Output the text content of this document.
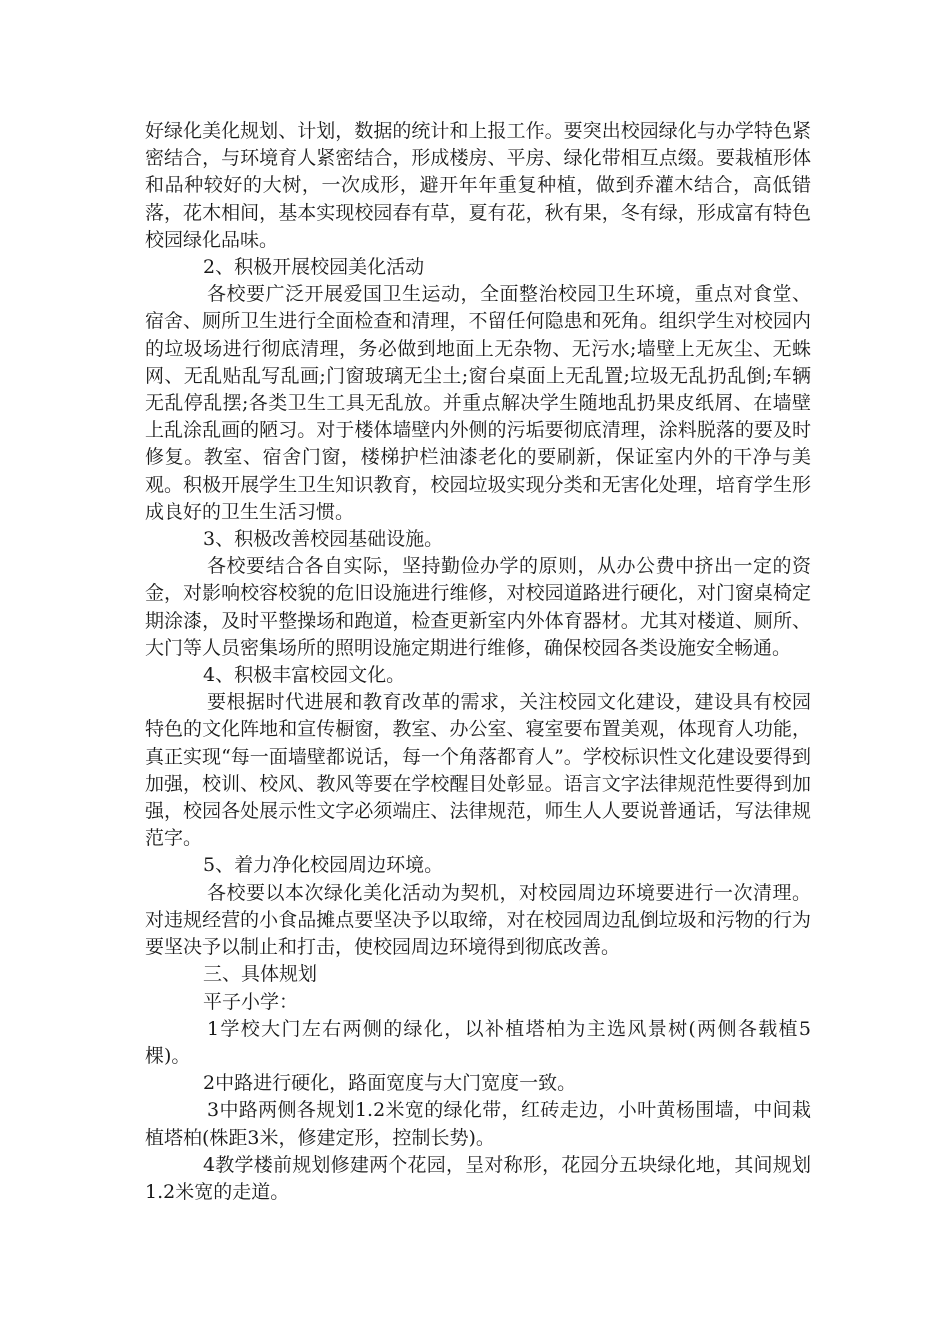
好绿化美化规划、计划，数据的统计和上报工作。要突出校园绿化与办学特色紧密结合，与环境育人紧密结合，形成楼房、平房、绿化带相互点缀。要栽植形体和品种较好的大树，一次成形，避开年年重复种植，做到乔灌木结合，高低错落，花木相间，基本实现校园春有草，夏有花，秋有果，冬有绿，形成富有特色校园绿化品味。

2、积极开展校园美化活动

各校要广泛开展爱国卫生运动，全面整治校园卫生环境，重点对食堂、宿舍、厕所卫生进行全面检查和清理，不留任何隐患和死角。组织学生对校园内的垃圾场进行彻底清理，务必做到地面上无杂物、无污水;墙壁上无灰尘、无蛛网、无乱贴乱写乱画;门窗玻璃无尘土;窗台桌面上无乱置;垃圾无乱扔乱倒;车辆无乱停乱摆;各类卫生工具无乱放。并重点解决学生随地乱扔果皮纸屑、在墙壁上乱涂乱画的陋习。对于楼体墙壁内外侧的污垢要彻底清理，涂料脱落的要及时修复。教室、宿舍门窗，楼梯护栏油漆老化的要刷新，保证室内外的干净与美观。积极开展学生卫生知识教育，校园垃圾实现分类和无害化处理，培育学生形成良好的卫生生活习惯。

3、积极改善校园基础设施。

各校要结合各自实际，坚持勤俭办学的原则，从办公费中挤出一定的资金，对影响校容校貌的危旧设施进行维修，对校园道路进行硬化，对门窗桌椅定期涂漆，及时平整操场和跑道，检查更新室内外体育器材。尤其对楼道、厕所、大门等人员密集场所的照明设施定期进行维修，确保校园各类设施安全畅通。

4、积极丰富校园文化。

要根据时代进展和教育改革的需求，关注校园文化建设，建设具有校园特色的文化阵地和宣传橱窗，教室、办公室、寝室要布置美观，体现育人功能，真正实现“每一面墙壁都说话，每一个角落都育人”。学校标识性文化建设要得到加强，校训、校风、教风等要在学校醒目处彰显。语言文字法律规范性要得到加强，校园各处展示性文字必须端庄、法律规范，师生人人要说普通话，写法律规范字。

5、着力净化校园周边环境。

各校要以本次绿化美化活动为契机，对校园周边环境要进行一次清理。对违规经营的小食品摊点要坚决予以取缔，对在校园周边乱倒垃圾和污物的行为要坚决予以制止和打击，使校园周边环境得到彻底改善。

三、具体规划

平子小学：

1学校大门左右两侧的绿化，以补植塔柏为主选风景树(两侧各载植5棵)。

2中路进行硬化，路面宽度与大门宽度一致。

3中路两侧各规划1.2米宽的绿化带，红砖走边，小叶黄杨围墙，中间栽植塔柏(株距3米，修建定形，控制长势)。

4教学楼前规划修建两个花园，呈对称形，花园分五块绿化地，其间规划1.2米宽的走道。
